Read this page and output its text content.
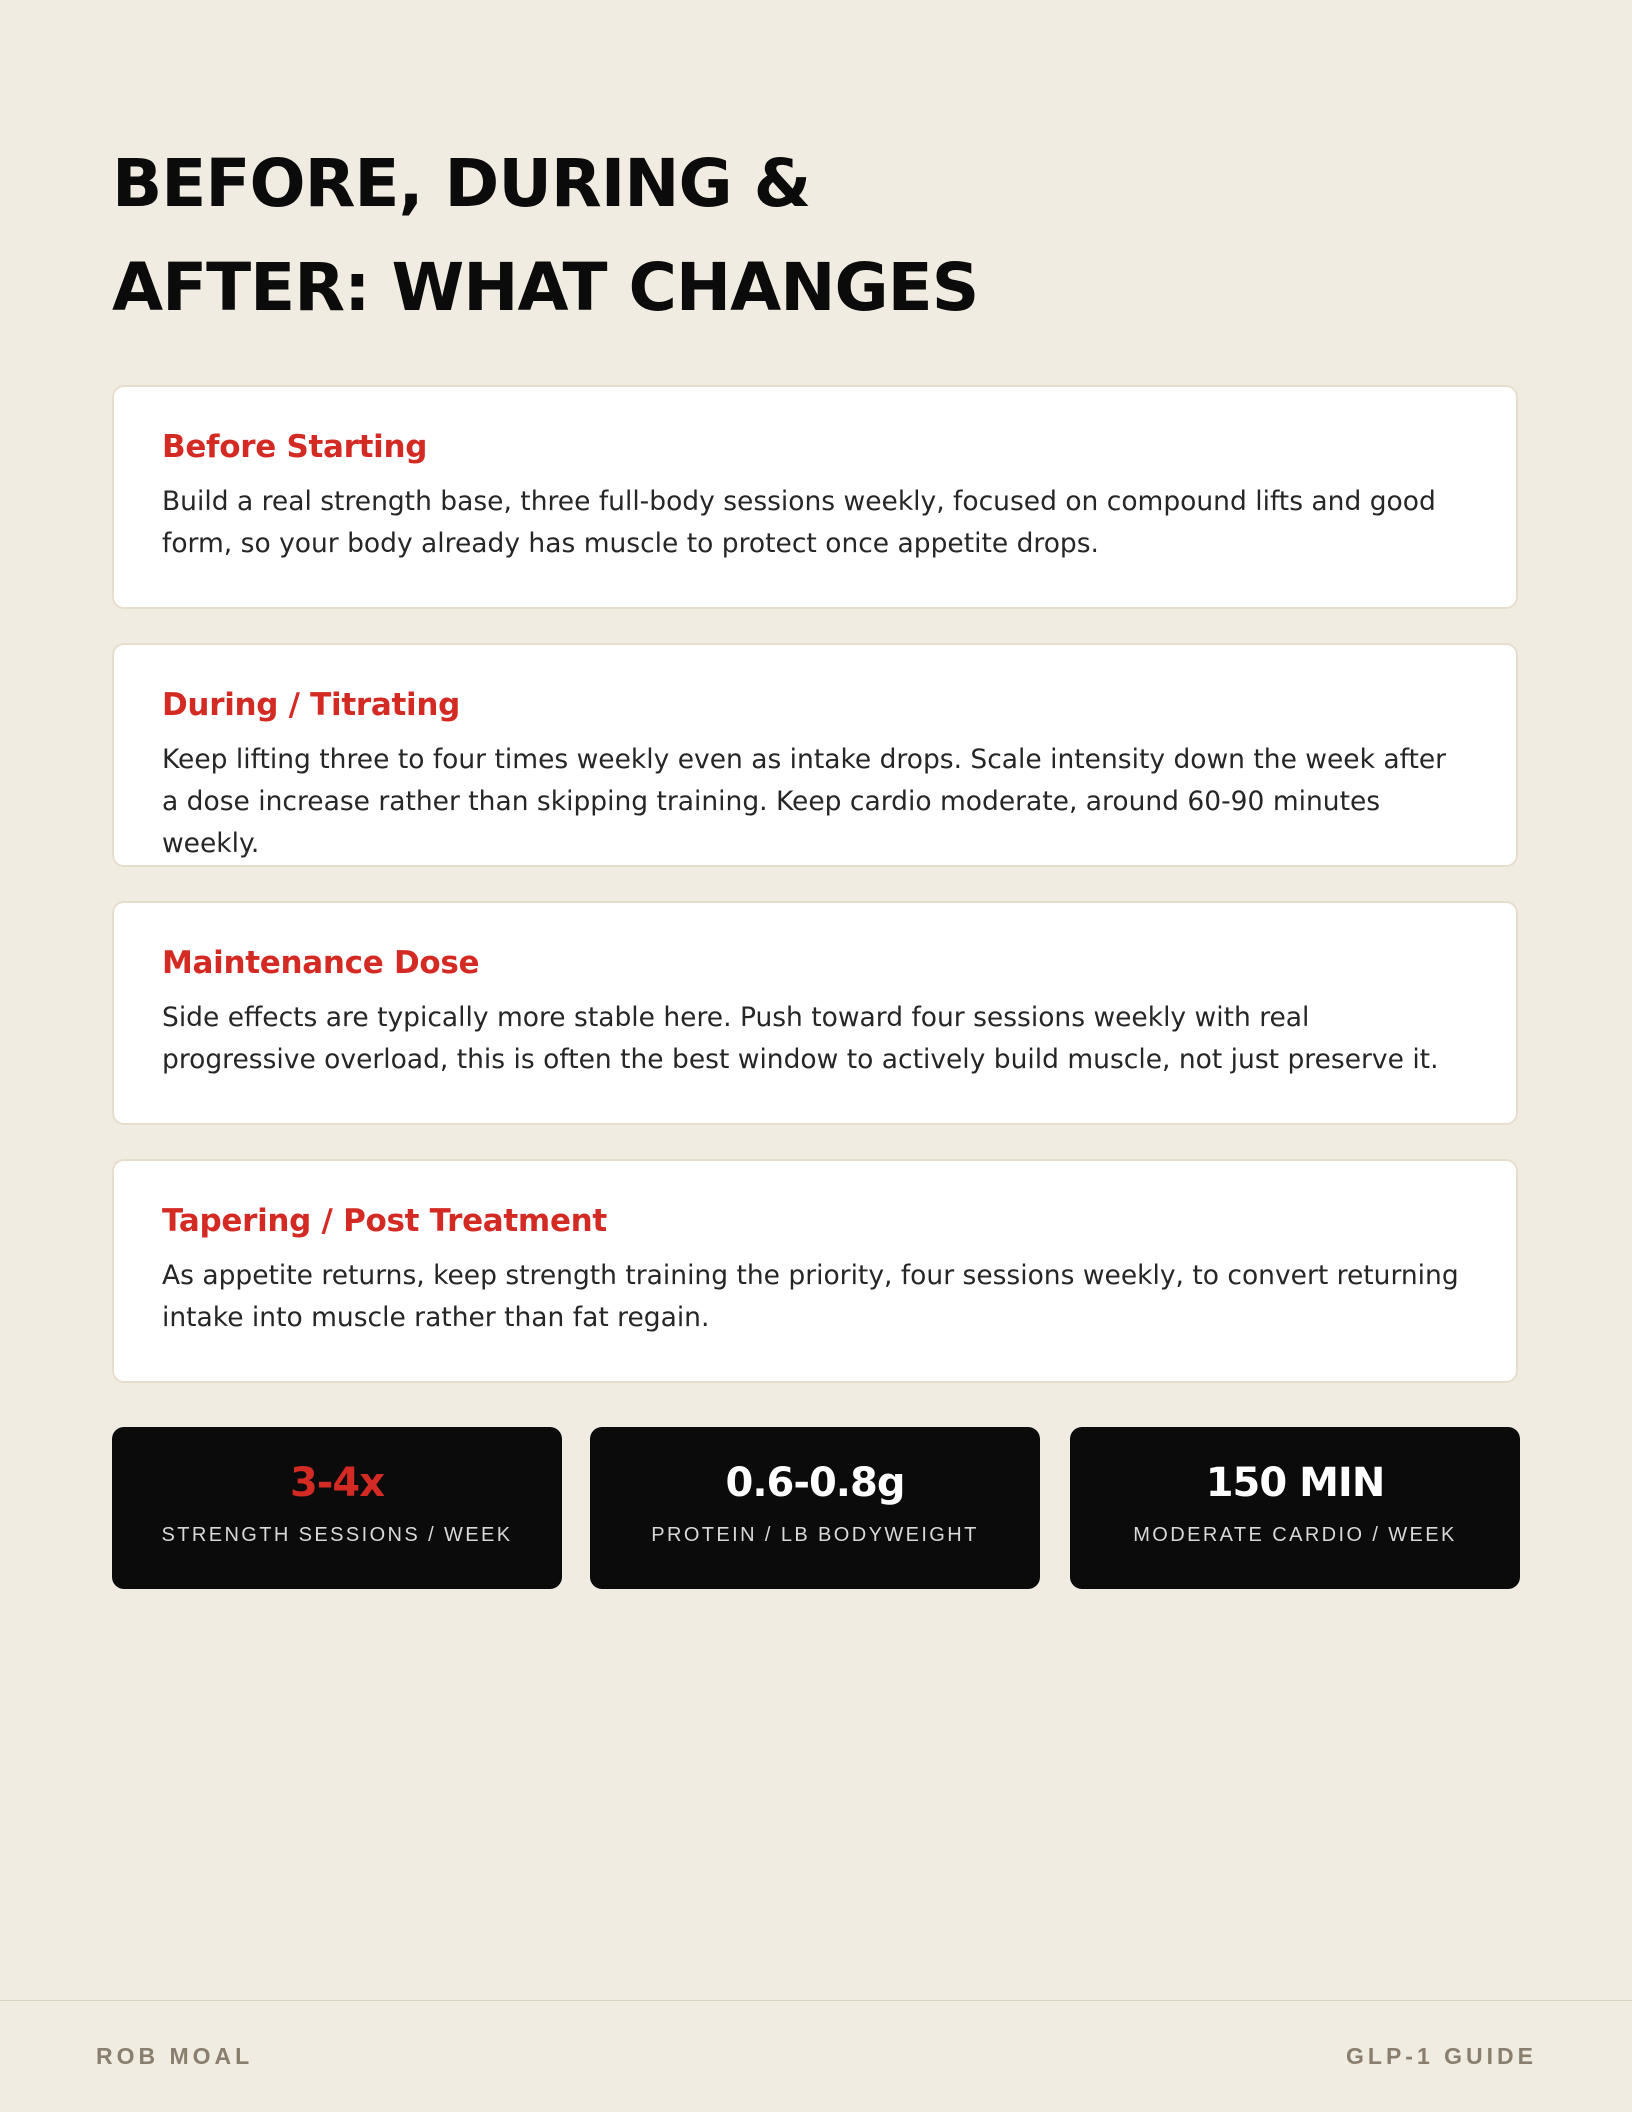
BEFORE, DURING &
AFTER: WHAT CHANGES
Before Starting

Build a real strength base, three full-body sessions weekly, focused on compound lifts and good form, so your body already has muscle to protect once appetite drops.

During / Titrating

Keep lifting three to four times weekly even as intake drops. Scale intensity down the week after a dose increase rather than skipping training. Keep cardio moderate, around 60-90 minutes weekly.

Maintenance Dose

Side effects are typically more stable here. Push toward four sessions weekly with real progressive overload, this is often the best window to actively build muscle, not just preserve it.

Tapering / Post Treatment

As appetite returns, keep strength training the priority, four sessions weekly, to convert returning intake into muscle rather than fat regain.

3-4x
STRENGTH SESSIONS / WEEK
0.6-0.8g
PROTEIN / LB BODYWEIGHT
150 MIN
MODERATE CARDIO / WEEK
ROB MOAL	GLP-1 GUIDE
